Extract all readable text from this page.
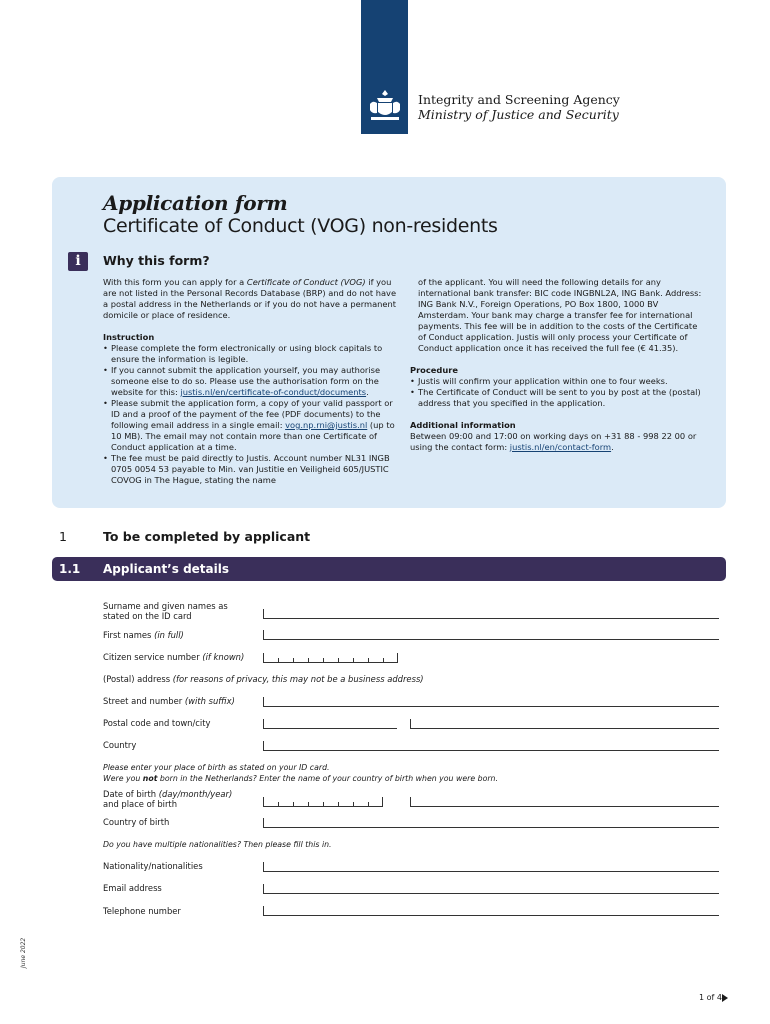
Integrity and Screening Agency
Ministry of Justice and Security
Application form
Certificate of Conduct (VOG) non-residents
i	Why this form?

With this form you can apply for a Certificate of Conduct (VOG) if you are not listed in the Personal Records Database (BRP) and do not have a postal address in the Netherlands or if you do not have a permanent domicile or place of residence.

Instruction

• Please complete the form electronically or using block capitals to ensure the information is legible.
• If you cannot submit the application yourself, you may authorise someone else to do so. Please use the authorisation form on the website for this: justis.nl/en/certificate-of-conduct/documents.
• Please submit the application form, a copy of your valid passport or ID and a proof of the payment of the fee (PDF documents) to the following email address in a single email: vog.np.rni@justis.nl (up to 10 MB). The email may not contain more than one Certificate of Conduct application at a time.
• The fee must be paid directly to Justis. Account number NL31 INGB 0705 0054 53 payable to Min. van Justitie en Veiligheid 605/JUSTIC COVOG in The Hague, stating the name

of the applicant. You will need the following details for any international bank transfer: BIC code INGBNL2A, ING Bank. Address: ING Bank N.V., Foreign Operations, PO Box 1800, 1000 BV Amsterdam. Your bank may charge a transfer fee for international payments. This fee will be in addition to the costs of the Certificate of Conduct application. Justis will only process your Certificate of Conduct application once it has received the full fee (€ 41.35).

Procedure

• Justis will confirm your application within one to four weeks.
• The Certificate of Conduct will be sent to you by post at the (postal) address that you specified in the application.

Additional information

Between 09:00 and 17:00 on working days on +31 88 - 998 22 00 or using the contact form: justis.nl/en/contact-form.

1	To be completed by applicant
1.1 Applicant’s details
Surname and given names as
stated on the ID card
First names (in full)
Citizen service number (if known)
(Postal) address (for reasons of privacy, this may not be a business address)
Street and number (with suffix)
Postal code and town/city
Country
Please enter your place of birth as stated on your ID card.
Were you not born in the Netherlands? Enter the name of your country of birth when you were born.
Date of birth (day/month/year)
and place of birth
Country of birth
Do you have multiple nationalities? Then please fill this in.
Nationality/nationalities
Email address
Telephone number
June 2022
1 of 4
